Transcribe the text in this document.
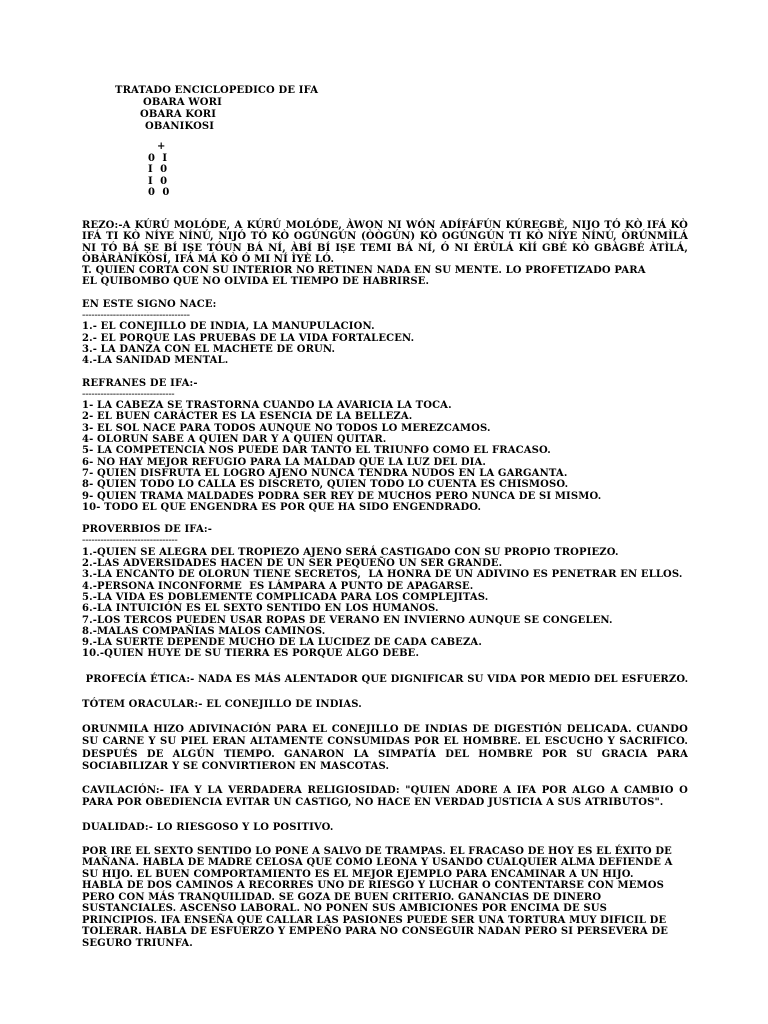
TRATADO ENCICLOPEDICO DE IFA

OBARA WORI

OBARA KORI

OBANIKOSI

+
0  I
I  0
I  0
0  0
REZO:-A KÚRÚ MOLÓDE, A KÚRÚ MOLÓDE, ÀWON NI WÓN ADÍFÁFÚN KÚREGBÈ, NIJO TÓ KÒ IFÁ KÒ IFÁ TI KÒ NÍYE NÍNÚ, NIJÓ TÓ KÒ OGÚNGÚN (ÒÒGÚN) KÒ OGÚNGÚN TI KÒ NÍYE NÍNÚ, ÒRÚNMÌLÁ NI TÓ BÁ ṢE BÍ IṢE TÓUN BÁ NÍ, ÀBÍ BÍ IṢE TEMI BÁ NÍ, Ó NI ÈRÙLÁ KÌÍ GBÉ KÒ GBÀGBÉ ÀTÌLÁ, ÒBÀRÀNÍKÒSÍ, IFÁ MÁ KÒ Ó MI NÍ ÌYÈ LÓ.
T. QUIEN CORTA CON SU INTERIOR NO RETINEN NADA EN SU MENTE. LO PROFETIZADO PARA EL QUIBOMBO QUE NO OLVIDA EL TIEMPO DE HABRIRSE.
EN ESTE SIGNO NACE:
-----------------------------------
1.- EL CONEJILLO DE INDIA, LA MANUPULACION.
2.- EL PORQUE LAS PRUEBAS DE LA VIDA FORTALECEN.
3.- LA DANZA CON EL MACHETE DE ORUN.
4.-LA SANIDAD MENTAL.
REFRANES DE IFA:-
------------------------------
1- LA CABEZA SE TRASTORNA CUANDO LA AVARICIA LA TOCA.
2- EL BUEN CARÁCTER ES LA ESENCIA DE LA BELLEZA.
3- EL SOL NACE PARA TODOS AUNQUE NO TODOS LO MEREZCAMOS.
4- OLORUN SABE A QUIEN DAR Y A QUIEN QUITAR.
5- LA COMPETENCIA NOS PUEDE DAR TANTO EL TRIUNFO COMO EL FRACASO.
6- NO HAY MEJOR REFUGIO PARA LA MALDAD QUE LA LUZ DEL DIA.
7- QUIEN DISFRUTA EL LOGRO AJENO NUNCA TENDRA NUDOS EN LA GARGANTA.
8- QUIEN TODO LO CALLA ES DISCRETO, QUIEN TODO LO CUENTA ES CHISMOSO.
9- QUIEN TRAMA MALDADES PODRA SER REY DE MUCHOS PERO NUNCA DE SI MISMO.
10- TODO EL QUE ENGENDRA ES POR QUE HA SIDO ENGENDRADO.
PROVERBIOS DE IFA:-
-------------------------------
1.-QUIEN SE ALEGRA DEL TROPIEZO AJENO SERÁ CASTIGADO CON SU PROPIO TROPIEZO.
2.-LAS ADVERSIDADES HACEN DE UN SER PEQUEÑO UN SER GRANDE.
3.-LA ENCANTO DE OLORUN TIENE SECRETOS,  LA HONRA DE UN ADIVINO ES PENETRAR EN ELLOS.
4.-PERSONA INCONFORME  ES LÁMPARA A PUNTO DE APAGARSE.
5.-LA VIDA ES DOBLEMENTE COMPLICADA PARA LOS COMPLEJITAS.
6.-LA INTUICIÓN ES EL SEXTO SENTIDO EN LOS HUMANOS.
7.-LOS TERCOS PUEDEN USAR ROPAS DE VERANO EN INVIERNO AUNQUE SE CONGELEN.
8.-MALAS COMPAÑIAS MALOS CAMINOS.
9.-LA SUERTE DEPENDE MUCHO DE LA LUCIDEZ DE CADA CABEZA.
10.-QUIEN HUYE DE SU TIERRA ES PORQUE ALGO DEBE.
PROFECÍA ÉTICA:- NADA ES MÁS ALENTADOR QUE DIGNIFICAR SU VIDA POR MEDIO DEL ESFUERZO.
TÓTEM ORACULAR:- EL CONEJILLO DE INDIAS.
ORUNMILA HIZO ADIVINACIÓN PARA EL CONEJILLO DE INDIAS DE DIGESTIÓN DELICADA. CUANDO SU CARNE Y SU PIEL ERAN ALTAMENTE CONSUMIDAS POR EL HOMBRE. EL ESCUCHO Y SACRIFICO. DESPUÉS DE ALGÚN TIEMPO. GANARON LA SIMPATÍA DEL HOMBRE POR SU GRACIA PARA SOCIABILIZAR Y SE CONVIRTIERON EN MASCOTAS.
CAVILACIÓN:- IFA Y LA VERDADERA RELIGIOSIDAD: "QUIEN ADORE A IFA POR ALGO A CAMBIO O PARA POR OBEDIENCIA EVITAR UN CASTIGO, NO HACE EN VERDAD JUSTICIA A SUS ATRIBUTOS".
DUALIDAD:- LO RIESGOSO Y LO POSITIVO.
POR IRE EL SEXTO SENTIDO LO PONE A SALVO DE TRAMPAS. EL FRACASO DE HOY ES EL ÉXITO DE MAÑANA. HABLA DE MADRE CELOSA QUE COMO LEONA Y USANDO CUALQUIER ALMA DEFIENDE A SU HIJO. EL BUEN COMPORTAMIENTO ES EL MEJOR EJEMPLO PARA ENCAMINAR A UN HIJO. HABLA DE DOS CAMINOS A RECORRES UNO DE RIESGO Y LUCHAR O CONTENTARSE CON MEMOS PERO CON MÁS TRANQUILIDAD. SE GOZA DE BUEN CRITERIO. GANANCIAS DE DINERO SUSTANCIALES. ASCENSO LABORAL. NO PONEN SUS AMBICIONES POR ENCIMA DE SUS PRINCIPIOS. IFA ENSEÑA QUE CALLAR LAS PASIONES PUEDE SER UNA TORTURA MUY DIFICIL DE TOLERAR. HABLA DE ESFUERZO Y EMPEÑO PARA NO CONSEGUIR NADAN PERO SI PERSEVERA DE SEGURO TRIUNFA.
